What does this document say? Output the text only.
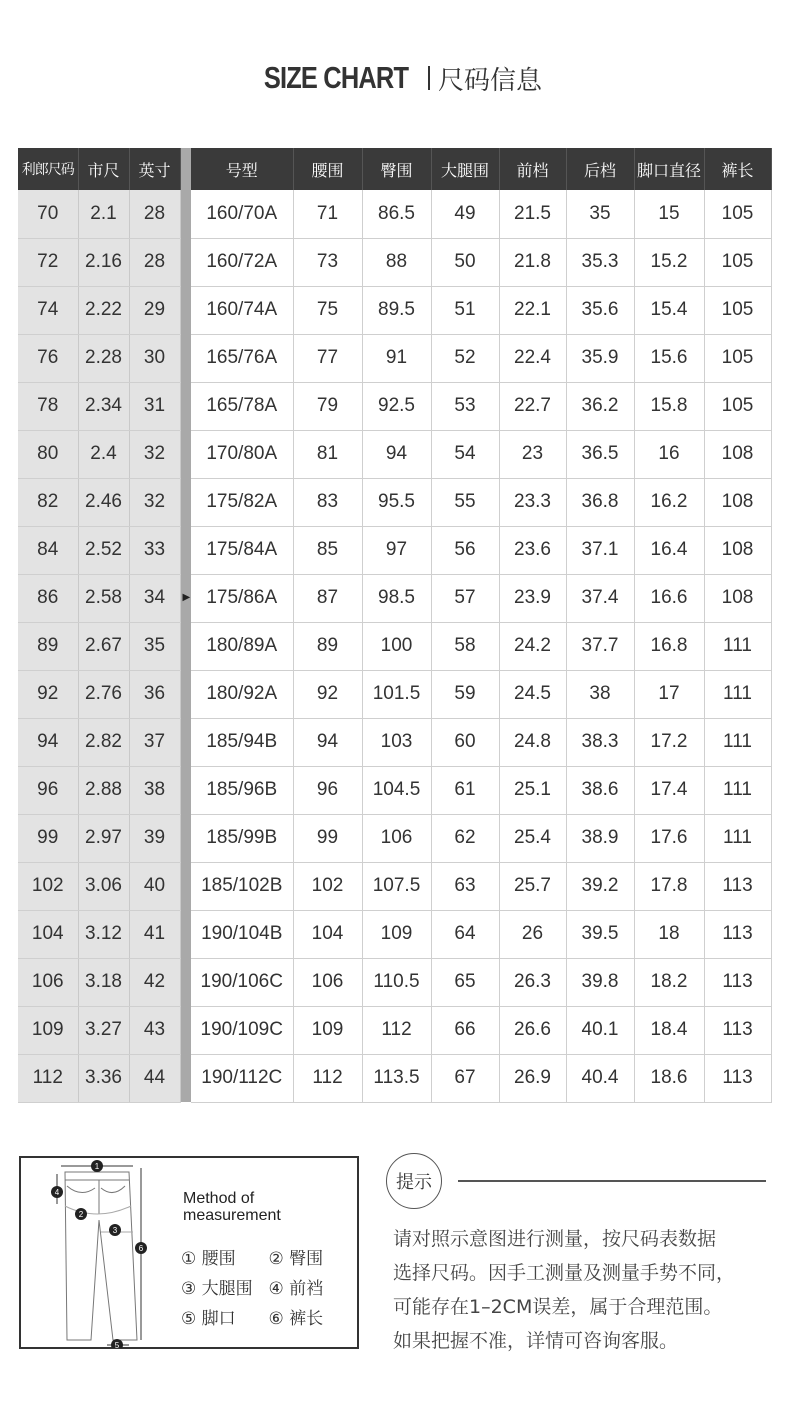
SIZE CHART 尺码信息
利郎尺码	市尺	英寸		号型	腰围	臀围	大腿围	前档	后档	脚口直径	裤长
70	2.1	28		160/70A	71	86.5	49	21.5	35	15	105
72	2.16	28		160/72A	73	88	50	21.8	35.3	15.2	105
74	2.22	29		160/74A	75	89.5	51	22.1	35.6	15.4	105
76	2.28	30		165/76A	77	91	52	22.4	35.9	15.6	105
78	2.34	31		165/78A	79	92.5	53	22.7	36.2	15.8	105
80	2.4	32		170/80A	81	94	54	23	36.5	16	108
82	2.46	32		175/82A	83	95.5	55	23.3	36.8	16.2	108
84	2.52	33		175/84A	85	97	56	23.6	37.1	16.4	108
86	2.58	34	▶	175/86A	87	98.5	57	23.9	37.4	16.6	108
89	2.67	35		180/89A	89	100	58	24.2	37.7	16.8	111
92	2.76	36		180/92A	92	101.5	59	24.5	38	17	111
94	2.82	37		185/94B	94	103	60	24.8	38.3	17.2	111
96	2.88	38		185/96B	96	104.5	61	25.1	38.6	17.4	111
99	2.97	39		185/99B	99	106	62	25.4	38.9	17.6	111
102	3.06	40		185/102B	102	107.5	63	25.7	39.2	17.8	113
104	3.12	41		190/104B	104	109	64	26	39.5	18	113
106	3.18	42		190/106C	106	110.5	65	26.3	39.8	18.2	113
109	3.27	43		190/109C	109	112	66	26.6	40.1	18.4	113
112	3.36	44		190/112C	112	113.5	67	26.9	40.4	18.6	113
1
4
2
3
6
5
Method of
measurement
① 腰围	② 臀围
③ 大腿围 ④ 前裆
⑤ 脚口	⑥ 裤长
提示
请对照示意图进行测量，按尺码表数据
选择尺码。因手工测量及测量手势不同，
可能存在1–2CM误差，属于合理范围。
如果把握不准，详情可咨询客服。
